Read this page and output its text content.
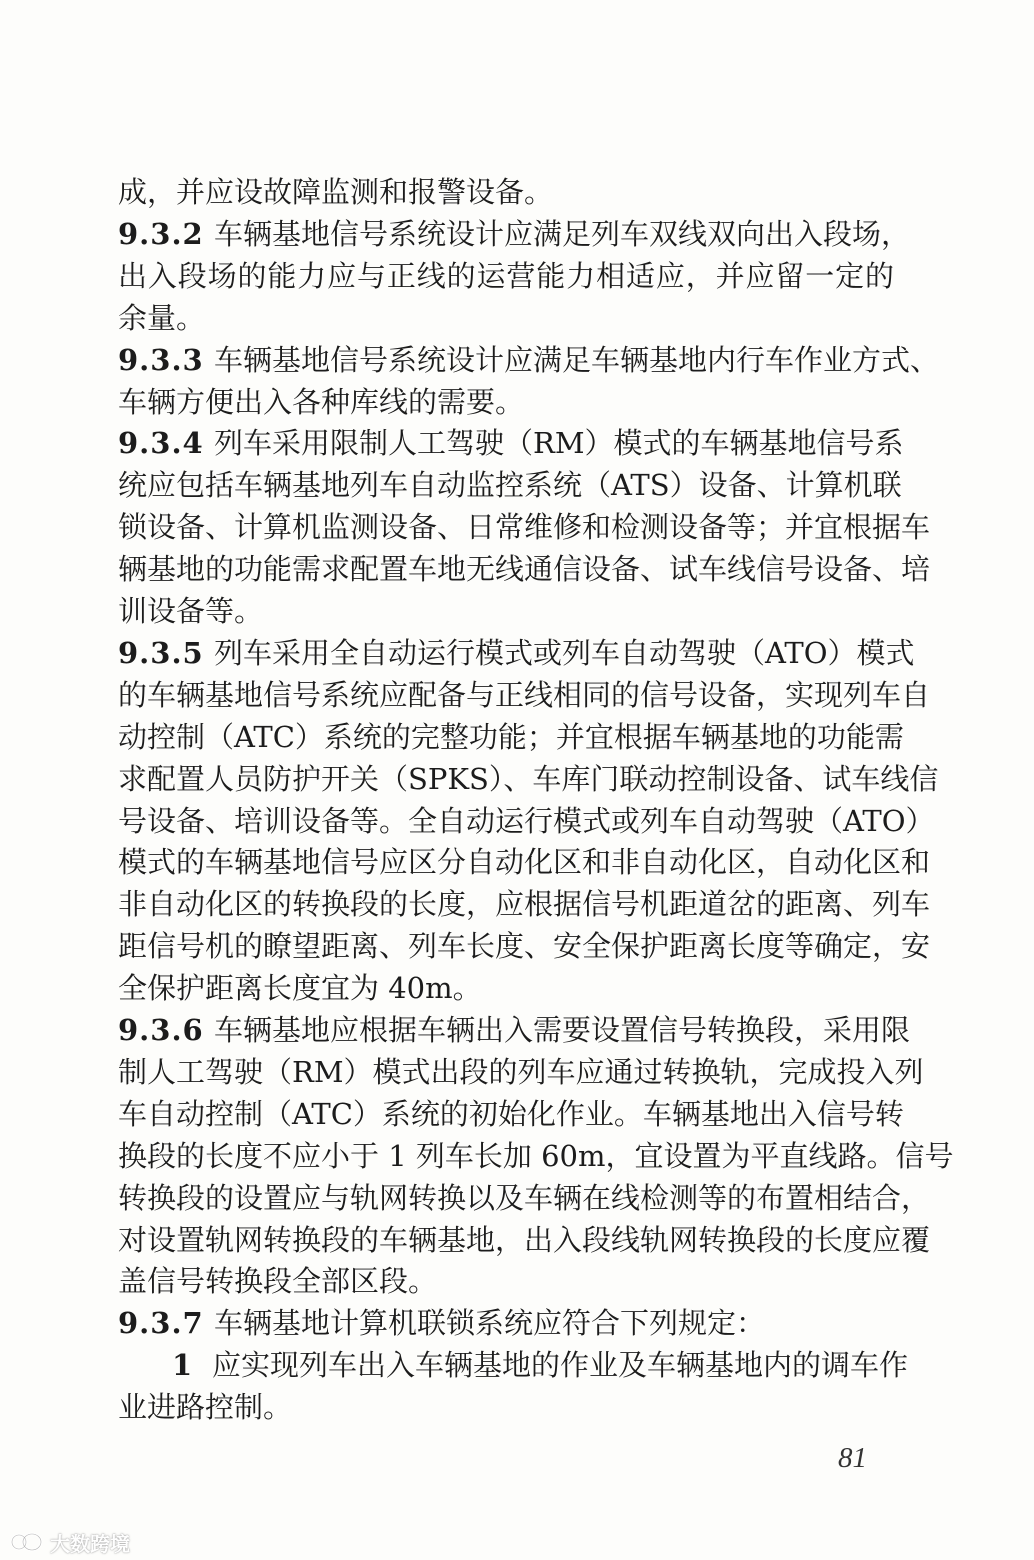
成，并应设故障监测和报警设备。
9.3.2 车辆基地信号系统设计应满足列车双线双向出入段场，
出入段场的能力应与正线的运营能力相适应，并应留一定的
余量。
9.3.3 车辆基地信号系统设计应满足车辆基地内行车作业方式、
车辆方便出入各种库线的需要。
9.3.4 列车采用限制人工驾驶（RM）模式的车辆基地信号系
统应包括车辆基地列车自动监控系统（ATS）设备、计算机联
锁设备、计算机监测设备、日常维修和检测设备等；并宜根据车
辆基地的功能需求配置车地无线通信设备、试车线信号设备、培
训设备等。
9.3.5 列车采用全自动运行模式或列车自动驾驶（ATO）模式
的车辆基地信号系统应配备与正线相同的信号设备，实现列车自
动控制（ATC）系统的完整功能；并宜根据车辆基地的功能需
求配置人员防护开关（SPKS）、车库门联动控制设备、试车线信
号设备、培训设备等。全自动运行模式或列车自动驾驶（ATO）
模式的车辆基地信号应区分自动化区和非自动化区，自动化区和
非自动化区的转换段的长度，应根据信号机距道岔的距离、列车
距信号机的瞭望距离、列车长度、安全保护距离长度等确定，安
全保护距离长度宜为 40m。
9.3.6 车辆基地应根据车辆出入需要设置信号转换段，采用限
制人工驾驶（RM）模式出段的列车应通过转换轨，完成投入列
车自动控制（ATC）系统的初始化作业。车辆基地出入信号转
换段的长度不应小于 1 列车长加 60m，宜设置为平直线路。信号
转换段的设置应与轨网转换以及车辆在线检测等的布置相结合，
对设置轨网转换段的车辆基地，出入段线轨网转换段的长度应覆
盖信号转换段全部区段。
9.3.7 车辆基地计算机联锁系统应符合下列规定：
1 应实现列车出入车辆基地的作业及车辆基地内的调车作
业进路控制。
81
大数跨境
